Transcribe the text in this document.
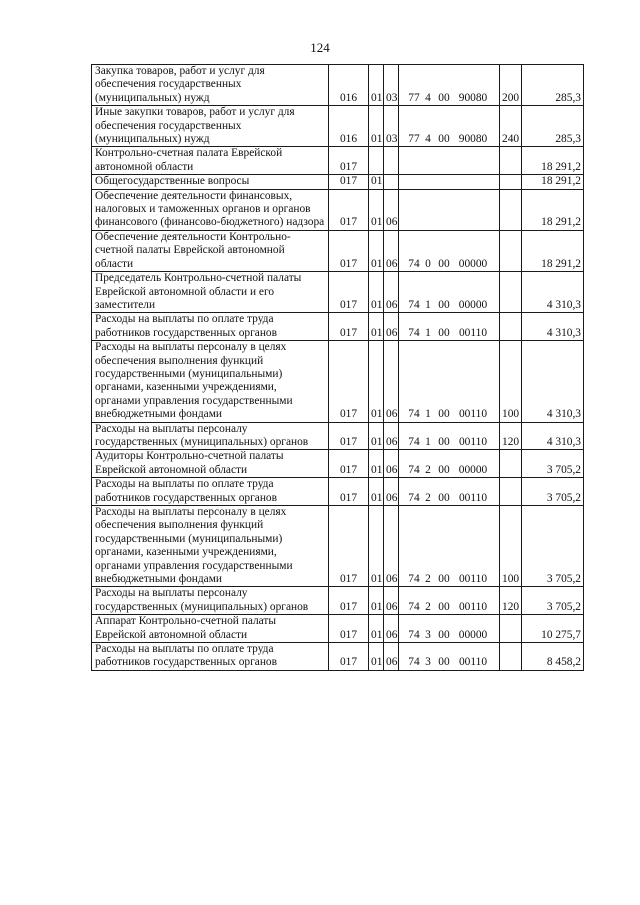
124
Закупка товаров, работ и услуг для обеспечения государственных (муниципальных) нужд	016	01	03	77 4 00 90080	200	285,3
Иные закупки товаров, работ и услуг для обеспечения государственных (муниципальных) нужд	016	01	03	77 4 00 90080	240	285,3
Контрольно-счетная палата Еврейской автономной области	017					18 291,2
Общегосударственные вопросы	017	01				18 291,2
Обеспечение деятельности финансовых, налоговых и таможенных органов и органов финансового (финансово-бюджетного) надзора	017	01	06			18 291,2
Обеспечение деятельности Контрольно-счетной палаты Еврейской автономной области	017	01	06	74 0 00 00000		18 291,2
Председатель Контрольно-счетной палаты Еврейской автономной области и его заместители	017	01	06	74 1 00 00000		4 310,3
Расходы на выплаты по оплате труда работников государственных органов	017	01	06	74 1 00 00110		4 310,3
Расходы на выплаты персоналу в целях обеспечения выполнения функций государственными (муниципальными) органами, казенными учреждениями, органами управления государственными внебюджетными фондами	017	01	06	74 1 00 00110	100	4 310,3
Расходы на выплаты персоналу государственных (муниципальных) органов	017	01	06	74 1 00 00110	120	4 310,3
Аудиторы Контрольно-счетной палаты Еврейской автономной области	017	01	06	74 2 00 00000		3 705,2
Расходы на выплаты по оплате труда работников государственных органов	017	01	06	74 2 00 00110		3 705,2
Расходы на выплаты персоналу в целях обеспечения выполнения функций государственными (муниципальными) органами, казенными учреждениями, органами управления государственными внебюджетными фондами	017	01	06	74 2 00 00110	100	3 705,2
Расходы на выплаты персоналу государственных (муниципальных) органов	017	01	06	74 2 00 00110	120	3 705,2
Аппарат Контрольно-счетной палаты Еврейской автономной области	017	01	06	74 3 00 00000		10 275,7
Расходы на выплаты по оплате труда работников государственных органов	017	01	06	74 3 00 00110		8 458,2
